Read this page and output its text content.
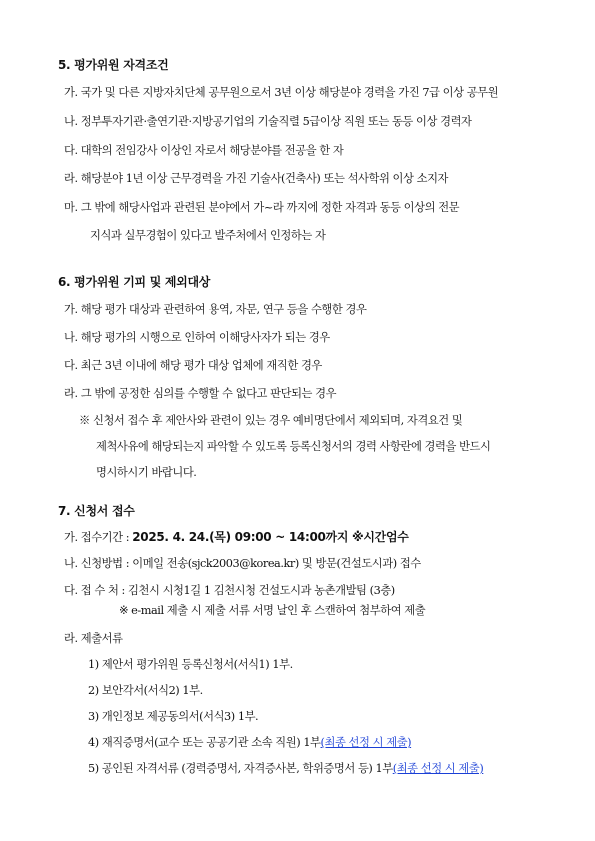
5. 평가위원 자격조건
가. 국가 및 다른 지방자치단체 공무원으로서 3년 이상 해당분야 경력을 가진 7급 이상 공무원
나. 정부투자기관·출연기관·지방공기업의 기술직렬 5급이상 직원 또는 동등 이상 경력자
다. 대학의 전임강사 이상인 자로서 해당분야를 전공을 한 자
라. 해당분야 1년 이상 근무경력을 가진 기술사(건축사) 또는 석사학위 이상 소지자
마. 그 밖에 해당사업과 관련된 분야에서 가~라 까지에 정한 자격과 동등 이상의 전문
지식과 실무경험이 있다고 발주처에서 인정하는 자
6. 평가위원 기피 및 제외대상
가. 해당 평가 대상과 관련하여 용역, 자문, 연구 등을 수행한 경우
나. 해당 평가의 시행으로 인하여 이해당사자가 되는 경우
다. 최근 3년 이내에 해당 평가 대상 업체에 재직한 경우
라. 그 밖에 공정한 심의를 수행할 수 없다고 판단되는 경우
※ 신청서 접수 후 제안사와 관련이 있는 경우 예비명단에서 제외되며, 자격요건 및
제척사유에 해당되는지 파악할 수 있도록 등록신청서의 경력 사항란에 경력을 반드시
명시하시기 바랍니다.
7. 신청서 접수
가. 접수기간 : 2025. 4. 24.(목) 09:00 ~ 14:00까지 ※시간엄수
나. 신청방법 : 이메일 전송(sjck2003@korea.kr) 및 방문(건설도시과) 접수
다. 접 수 처 : 김천시 시청1길 1 김천시청 건설도시과 농촌개발팀 (3층)
※ e-mail 제출 시 제출 서류 서명 날인 후 스캔하여 첨부하여 제출
라. 제출서류
1) 제안서 평가위원 등록신청서(서식1) 1부.
2) 보안각서(서식2) 1부.
3) 개인정보 제공동의서(서식3) 1부.
4) 재직증명서(교수 또는 공공기관 소속 직원) 1부(최종 선정 시 제출)
5) 공인된 자격서류 (경력증명서, 자격증사본, 학위증명서 등) 1부(최종 선정 시 제출)
